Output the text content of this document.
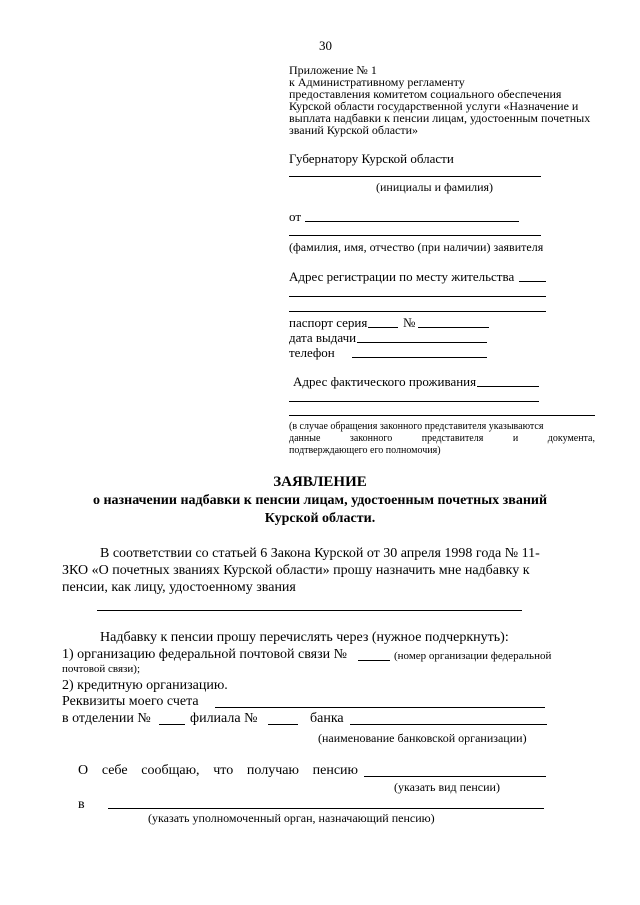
30
Приложение № 1
к Административному регламенту
предоставления комитетом социального обеспечения
Курской области государственной услуги «Назначение и
выплата надбавки к пенсии лицам, удостоенным почетных
званий Курской области»
Губернатору Курской области
(инициалы и фамилия)
от
(фамилия, имя, отчество (при наличии) заявителя
Адрес регистрации по месту жительства
паспорт серия	№
дата выдачи
телефон
Адрес фактического проживания
(в случае обращения законного представителя указываются
данные	законного	представителя	и	документа,
подтверждающего его полномочия)
ЗАЯВЛЕНИЕ
о назначении надбавки к пенсии лицам, удостоенным почетных званий
Курской области.
В соответствии со статьей 6 Закона Курской от 30 апреля 1998 года № 11-
ЗКО «О почетных званиях Курской области» прошу назначить мне надбавку к
пенсии, как лицу, удостоенному звания
Надбавку к пенсии прошу перечислять через (нужное подчеркнуть):
1) организацию федеральной почтовой связи №	(номер организации федеральной
почтовой связи);
2) кредитную организацию.
Реквизиты моего счета
в отделении №	филиала №	банка
(наименование банковской организации)
О себе сообщаю, что получаю пенсию
(указать вид пенсии)
в
(указать уполномоченный орган, назначающий пенсию)
